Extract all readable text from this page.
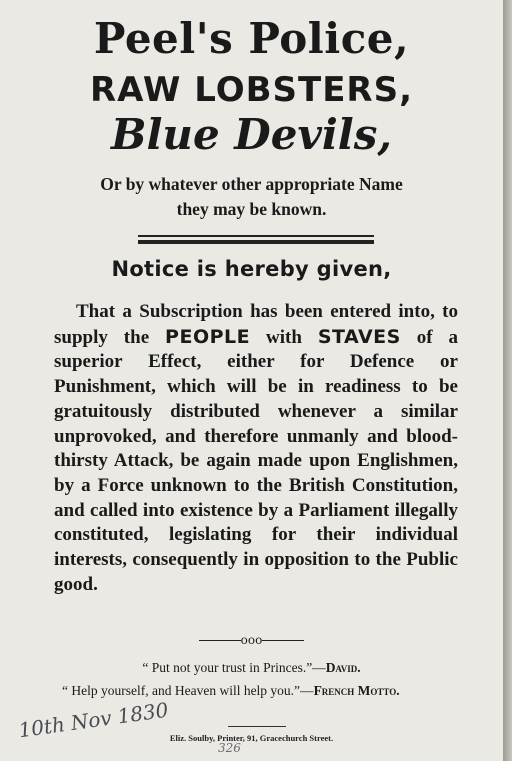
Peel's Police,
RAW LOBSTERS,
Blue Devils,
Or by whatever other appropriate Name they may be known.
Notice is hereby given,
That a Subscription has been entered into, to supply the PEOPLE with STAVES of a superior Effect, either for Defence or Punishment, which will be in readiness to be gratuitously distributed whenever a similar unprovoked, and therefore unmanly and blood-thirsty Attack, be again made upon Englishmen, by a Force unknown to the British Constitution, and called into existence by a Parliament illegally constituted, legislating for their individual interests, consequently in opposition to the Public good.
ooo
“ Put not your trust in Princes.”—David.
“ Help yourself, and Heaven will help you.”—French Motto.
Eliz. Soulby, Printer, 91, Gracechurch Street.
10th Nov 1830
326
